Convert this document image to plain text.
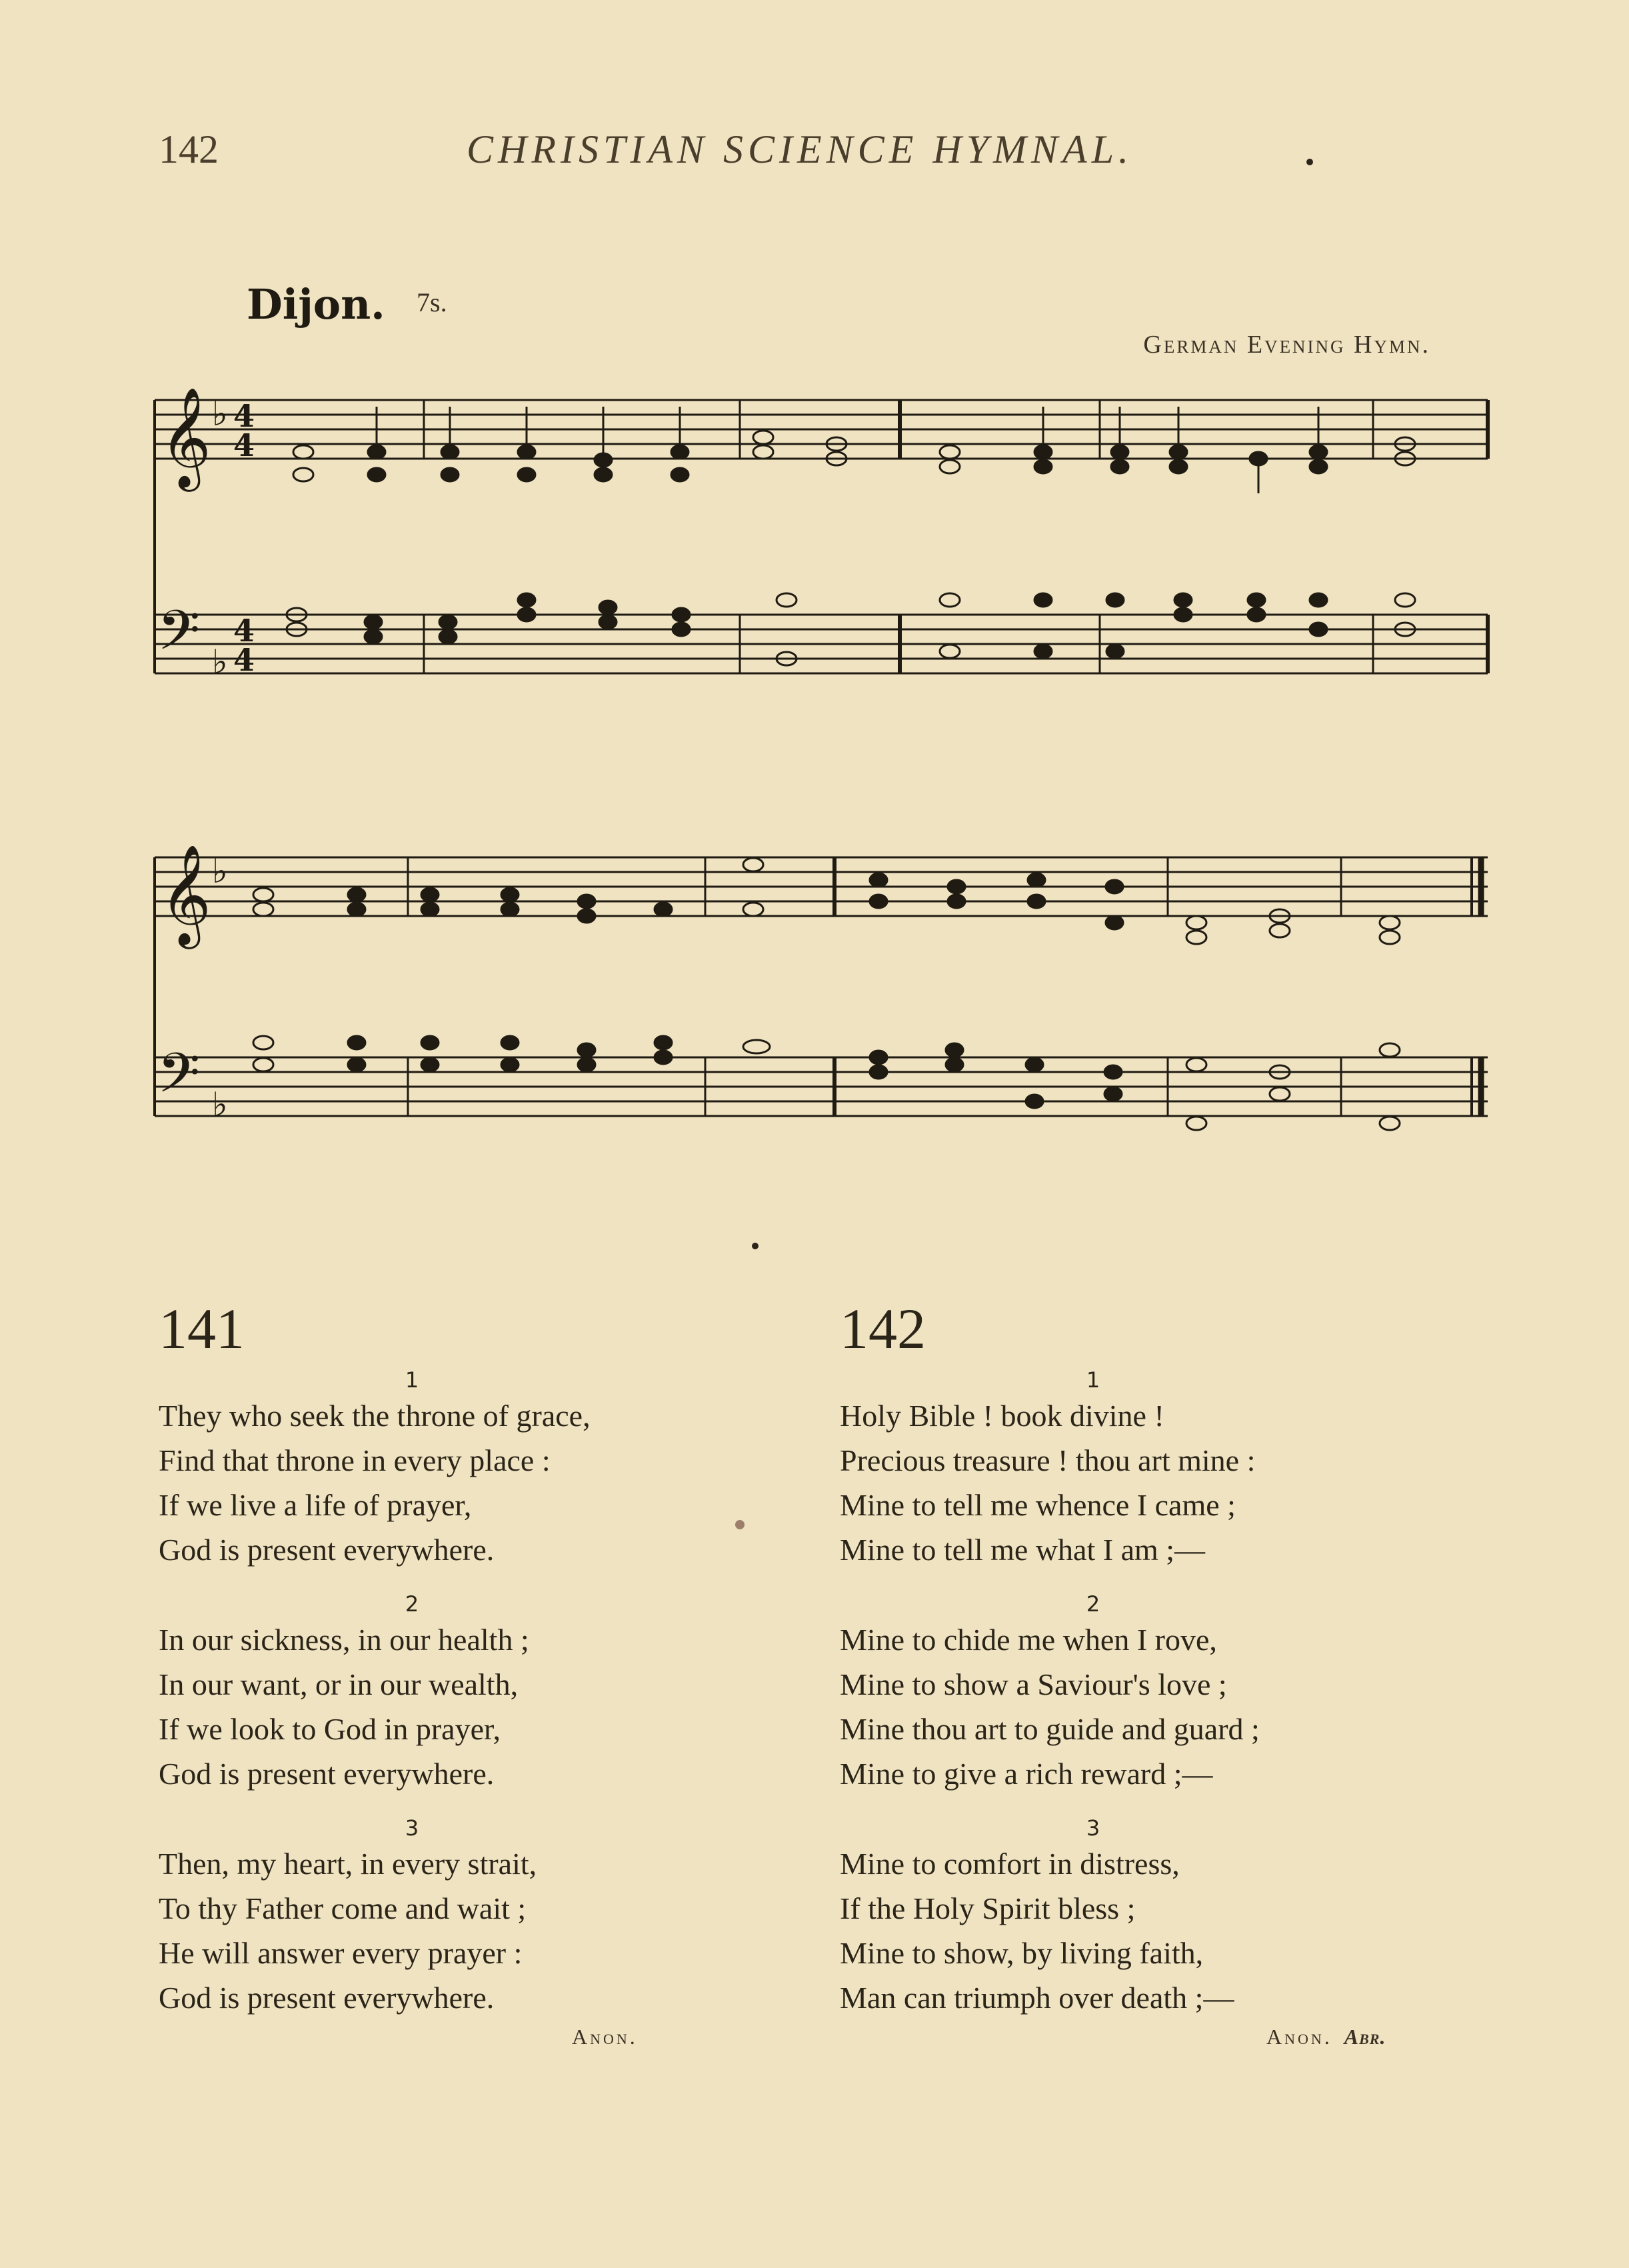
142	CHRISTIAN SCIENCE HYMNAL.
Dijon. 7s.
German Evening Hymn.
𝄞 ♭ 4
4
𝄢 ♭
4
4
𝄞 ♭
𝄢 ♭
141
1
They who seek the throne of grace,
Find that throne in every place :
If we live a life of prayer,
God is present everywhere.
2
In our sickness, in our health ;
In our want, or in our wealth,
If we look to God in prayer,
God is present everywhere.
3
Then, my heart, in every strait,
To thy Father come and wait ;
He will answer every prayer :
God is present everywhere.
Anon.
142
1
Holy Bible ! book divine !
Precious treasure ! thou art mine :
Mine to tell me whence I came ;
Mine to tell me what I am ;—
2
Mine to chide me when I rove,
Mine to show a Saviour's love ;
Mine thou art to guide and guard ;
Mine to give a rich reward ;—
3
Mine to comfort in distress,
If the Holy Spirit bless ;
Mine to show, by living faith,
Man can triumph over death ;—
Anon. Abr.
